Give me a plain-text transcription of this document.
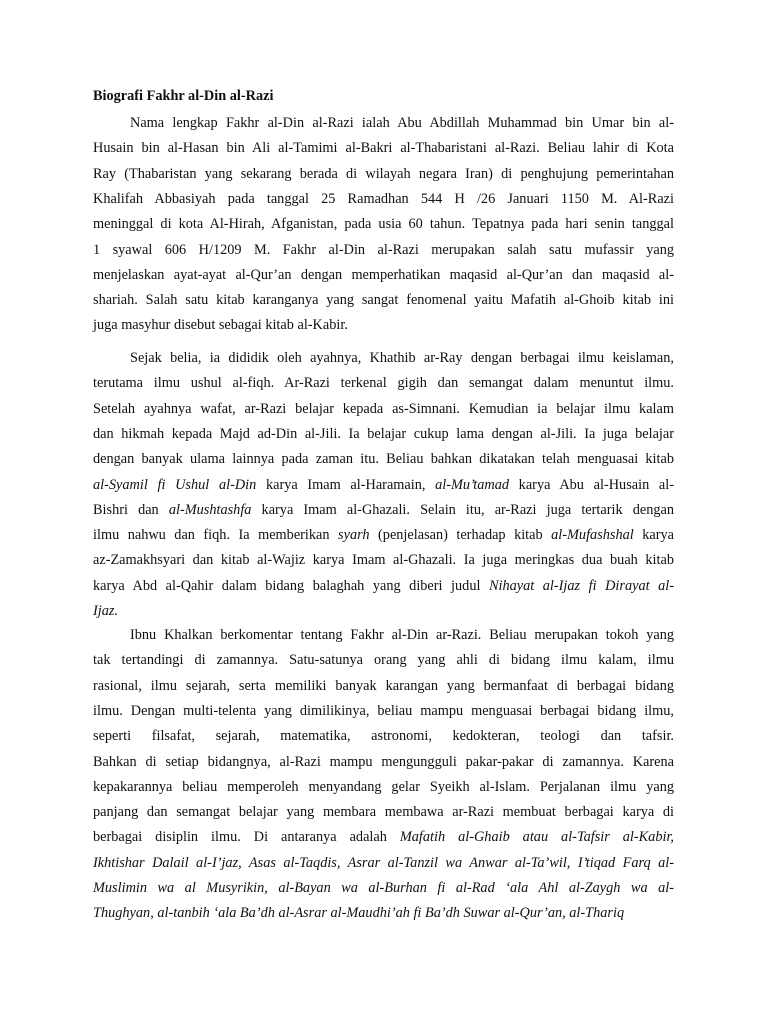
Biografi Fakhr al-Din al-Razi
Nama lengkap Fakhr al-Din al-Razi ialah Abu Abdillah Muhammad bin Umar bin al-
Husain bin al-Hasan bin Ali al-Tamimi al-Bakri al-Thabaristani al-Razi. Beliau lahir di Kota
Ray (Thabaristan yang sekarang berada di wilayah negara Iran) di penghujung pemerintahan
Khalifah Abbasiyah pada tanggal 25 Ramadhan 544 H /26 Januari 1150 M. Al-Razi
meninggal di kota Al-Hirah, Afganistan, pada usia 60 tahun. Tepatnya pada hari senin tanggal
1 syawal 606 H/1209 M. Fakhr al-Din al-Razi merupakan salah satu mufassir yang
menjelaskan ayat-ayat al-Qur’an dengan memperhatikan maqasid al-Qur’an dan maqasid al-
shariah. Salah satu kitab karanganya yang sangat fenomenal yaitu Mafatih al-Ghoib kitab ini
juga masyhur disebut sebagai kitab al-Kabir.
Sejak belia, ia dididik oleh ayahnya, Khathib ar-Ray dengan berbagai ilmu keislaman,
terutama ilmu ushul al-fiqh. Ar-Razi terkenal gigih dan semangat dalam menuntut ilmu.
Setelah ayahnya wafat, ar-Razi belajar kepada as-Simnani. Kemudian ia belajar ilmu kalam
dan hikmah kepada Majd ad-Din al-Jili. Ia belajar cukup lama dengan al-Jili. Ia juga belajar
dengan banyak ulama lainnya pada zaman itu. Beliau bahkan dikatakan telah menguasai kitab
al-Syamil fi Ushul al-Din karya Imam al-Haramain, al-Mu’tamad karya Abu al-Husain al-
Bishri dan al-Mushtashfa karya Imam al-Ghazali. Selain itu, ar-Razi juga tertarik dengan
ilmu nahwu dan fiqh. Ia memberikan syarh (penjelasan) terhadap kitab al-Mufashshal karya
az-Zamakhsyari dan kitab al-Wajiz karya Imam al-Ghazali. Ia juga meringkas dua buah kitab
karya Abd al-Qahir dalam bidang balaghah yang diberi judul Nihayat al-Ijaz fi Dirayat al-
Ijaz.
Ibnu Khalkan berkomentar tentang Fakhr al-Din ar-Razi. Beliau merupakan tokoh yang
tak tertandingi di zamannya. Satu-satunya orang yang ahli di bidang ilmu kalam, ilmu
rasional, ilmu sejarah, serta memiliki banyak karangan yang bermanfaat di berbagai bidang
ilmu. Dengan multi-telenta yang dimilikinya, beliau mampu menguasai berbagai bidang ilmu,
seperti filsafat, sejarah, matematika, astronomi, kedokteran, teologi dan tafsir.
Bahkan di setiap bidangnya, al-Razi mampu mengungguli pakar-pakar di zamannya. Karena
kepakarannya beliau memperoleh menyandang gelar Syeikh al-Islam. Perjalanan ilmu yang
panjang dan semangat belajar yang membara membawa ar-Razi membuat berbagai karya di
berbagai disiplin ilmu. Di antaranya adalah Mafatih al-Ghaib atau al-Tafsir al-Kabir,
Ikhtishar Dalail al-I’jaz, Asas al-Taqdis, Asrar al-Tanzil wa Anwar al-Ta’wil, I’tiqad Farq al-
Muslimin wa al Musyrikin, al-Bayan wa al-Burhan fi al-Rad ‘ala Ahl al-Zaygh wa al-
Thughyan, al-tanbih ‘ala Ba’dh al-Asrar al-Maudhi’ah fi Ba’dh Suwar al-Qur’an, al-Thariq
